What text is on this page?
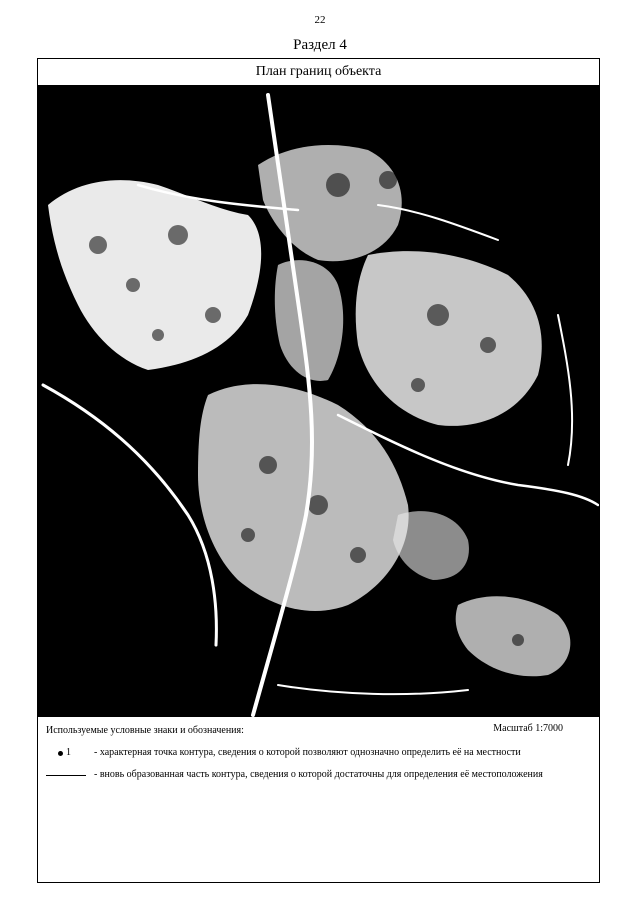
22
Раздел 4
План границ объекта
Используемые условные знаки и обозначения:	Масштаб 1:7000
1 - характерная точка контура, сведения о которой позволяют однозначно определить её на местности
- вновь образованная часть контура, сведения о которой достаточны для определения её местоположения
